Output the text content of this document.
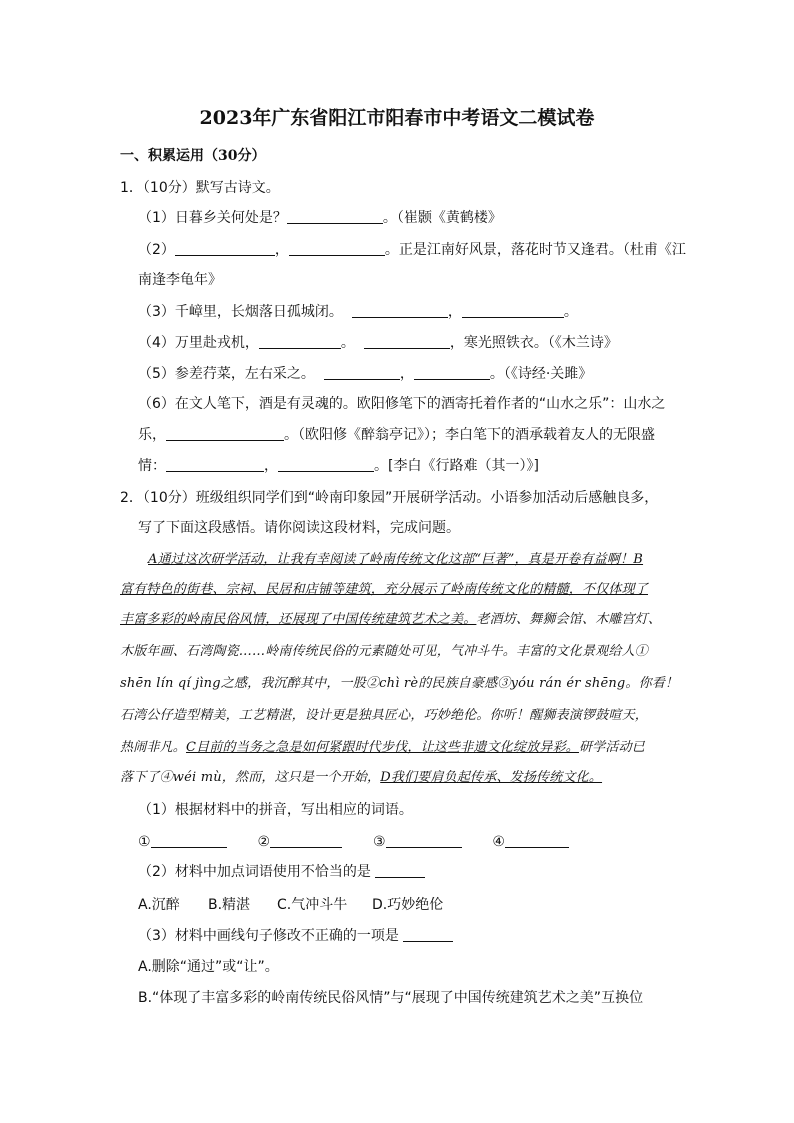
2023年广东省阳江市阳春市中考语文二模试卷
一、积累运用（30分）
1．（10分）默写古诗文。
（1）日暮乡关何处是？	。（崔颢《黄鹤楼》
（2）	，	。正是江南好风景，落花时节又逢君。（杜甫《江
南逢李龟年》
（3）千嶂里，长烟落日孤城闭。	，	。
（4）万里赴戎机，	。	，寒光照铁衣。（《木兰诗》
（5）参差荇菜，左右采之。	，	。（《诗经·关雎》
（6）在文人笔下，酒是有灵魂的。欧阳修笔下的酒寄托着作者的“山水之乐”：山水之
乐，	。（欧阳修《醉翁亭记》）；李白笔下的酒承载着友人的无限盛
情：	，	。[李白《行路难（其一）》]
2．（10分）班级组织同学们到“岭南印象园”开展研学活动。小语参加活动后感触良多，
写了下面这段感悟。请你阅读这段材料，完成问题。
A通过这次研学活动，让我有幸阅读了岭南传统文化这部“巨著”，真是开卷有益啊！B
富有特色的街巷、宗祠、民居和店铺等建筑，充分展示了岭南传统文化的精髓，不仅体现了
丰富多彩的岭南民俗风情，还展现了中国传统建筑艺术之美。老酒坊、舞狮会馆、木雕宫灯、
木版年画、石湾陶瓷……岭南传统民俗的元素随处可见，气冲斗牛。丰富的文化景观给人①
shēn lín qí jìng之感，我沉醉其中，一股②chì rè的民族自豪感③yóu rán ér shēng。你看！
石湾公仔造型精美，工艺精湛，设计更是独具匠心，巧妙绝伦。你听！醒狮表演锣鼓喧天，
热闹非凡。C目前的当务之急是如何紧跟时代步伐，让这些非遗文化绽放异彩。研学活动已
落下了④wéi mù，然而，这只是一个开始，D我们要肩负起传承、发扬传统文化。
（1）根据材料中的拼音，写出相应的词语。
①	②	③	④
（2）材料中加点词语使用不恰当的是
A.沉醉 B.精湛 C.气冲斗牛 D.巧妙绝伦
（3）材料中画线句子修改不正确的一项是
A.删除“通过”或“让”。
B.“体现了丰富多彩的岭南传统民俗风情”与“展现了中国传统建筑艺术之美”互换位
